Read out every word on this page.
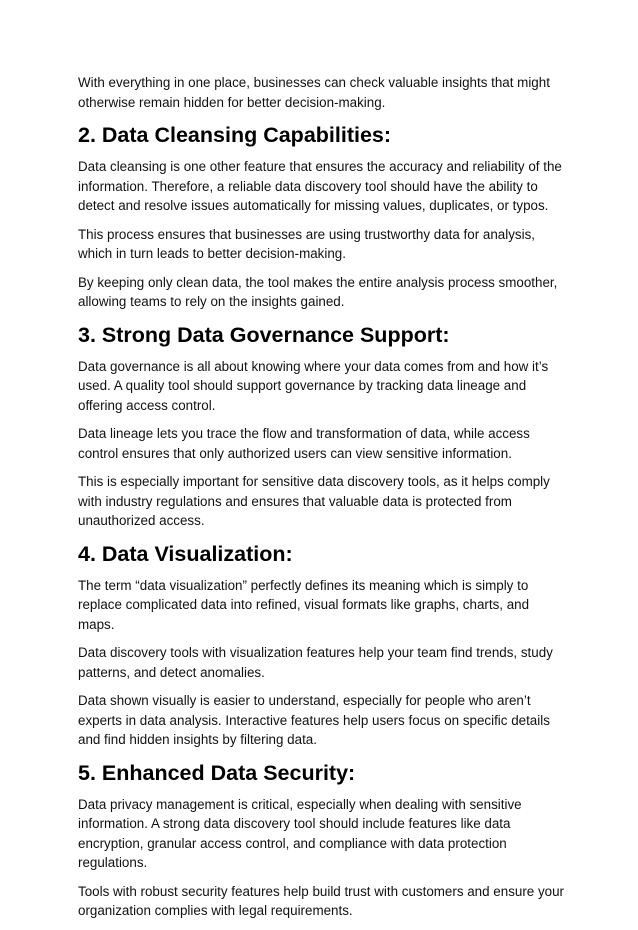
With everything in one place, businesses can check valuable insights that might otherwise remain hidden for better decision-making.

2. Data Cleansing Capabilities:

Data cleansing is one other feature that ensures the accuracy and reliability of the information. Therefore, a reliable data discovery tool should have the ability to detect and resolve issues automatically for missing values, duplicates, or typos.

This process ensures that businesses are using trustworthy data for analysis, which in turn leads to better decision-making.

By keeping only clean data, the tool makes the entire analysis process smoother, allowing teams to rely on the insights gained.

3. Strong Data Governance Support:

Data governance is all about knowing where your data comes from and how it’s used. A quality tool should support governance by tracking data lineage and offering access control.

Data lineage lets you trace the flow and transformation of data, while access control ensures that only authorized users can view sensitive information.

This is especially important for sensitive data discovery tools, as it helps comply with industry regulations and ensures that valuable data is protected from unauthorized access.

4. Data Visualization:

The term “data visualization” perfectly defines its meaning which is simply to replace complicated data into refined, visual formats like graphs, charts, and maps.

Data discovery tools with visualization features help your team find trends, study patterns, and detect anomalies.

Data shown visually is easier to understand, especially for people who aren’t experts in data analysis. Interactive features help users focus on specific details and find hidden insights by filtering data.

5. Enhanced Data Security:

Data privacy management is critical, especially when dealing with sensitive information. A strong data discovery tool should include features like data encryption, granular access control, and compliance with data protection regulations.

Tools with robust security features help build trust with customers and ensure your organization complies with legal requirements.
